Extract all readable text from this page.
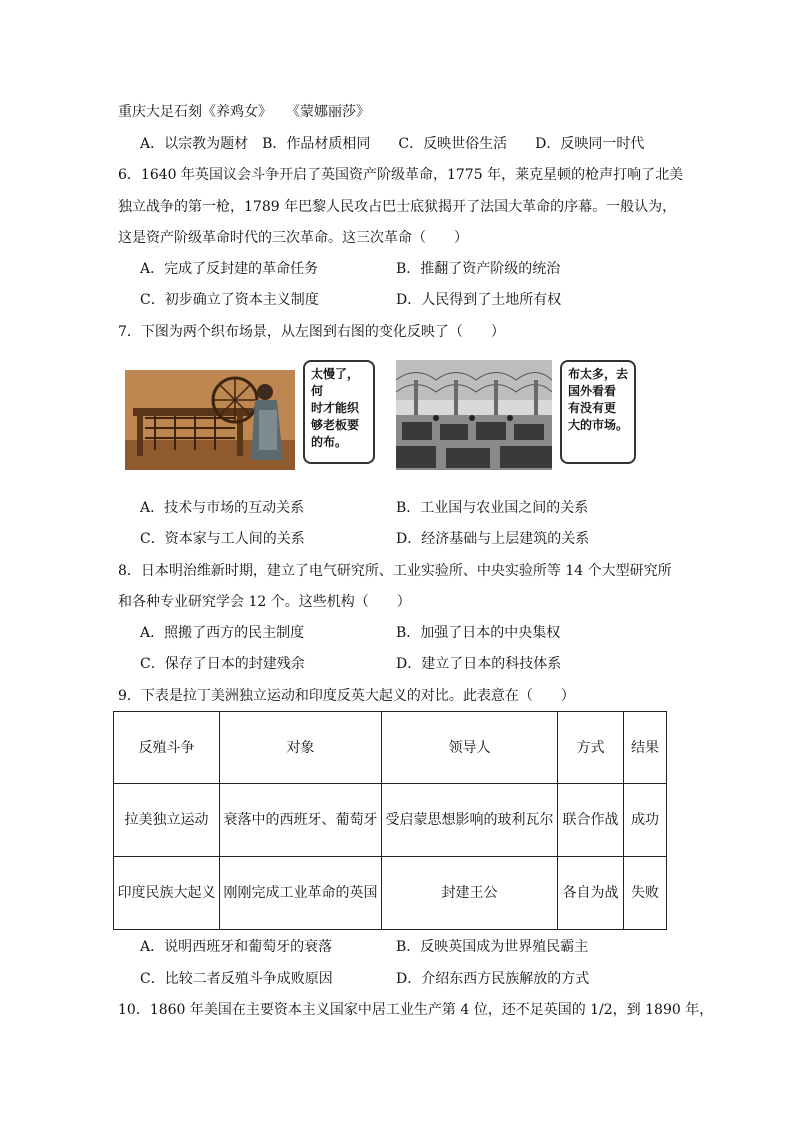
重庆大足石刻《养鸡女》　　《蒙娜丽莎》
A．以宗教为题材　B．作品材质相同　　C．反映世俗生活　　D．反映同一时代
6．1640 年英国议会斗争开启了英国资产阶级革命，1775 年，莱克星顿的枪声打响了北美
独立战争的第一枪，1789 年巴黎人民攻占巴士底狱揭开了法国大革命的序幕。一般认为，
这是资产阶级革命时代的三次革命。这三次革命（　　）
A．完成了反封建的革命任务	B．推翻了资产阶级的统治
C．初步确立了资本主义制度	D．人民得到了土地所有权
7．下图为两个织布场景，从左图到右图的变化反映了（　　）
太慢了，何
时才能织
够老板要
的布。
布太多，去
国外看看
有没有更
大的市场。
A．技术与市场的互动关系	B．工业国与农业国之间的关系
C．资本家与工人间的关系	D．经济基础与上层建筑的关系
8．日本明治维新时期，建立了电气研究所、工业实验所、中央实验所等 14 个大型研究所
和各种专业研究学会 12 个。这些机构（　　）
A．照搬了西方的民主制度	B．加强了日本的中央集权
C．保存了日本的封建残余	D．建立了日本的科技体系
9．下表是拉丁美洲独立运动和印度反英大起义的对比。此表意在（　　）
反殖斗争	对象	领导人	方式	结果
拉美独立运动	衰落中的西班牙、葡萄牙	受启蒙思想影响的玻利瓦尔	联合作战	成功
印度民族大起义	刚刚完成工业革命的英国	封建王公	各自为战	失败
A．说明西班牙和葡萄牙的衰落	B．反映英国成为世界殖民霸主
C．比较二者反殖斗争成败原因	D．介绍东西方民族解放的方式
10．1860 年美国在主要资本主义国家中居工业生产第 4 位，还不足英国的 1/2，到 1890 年，
